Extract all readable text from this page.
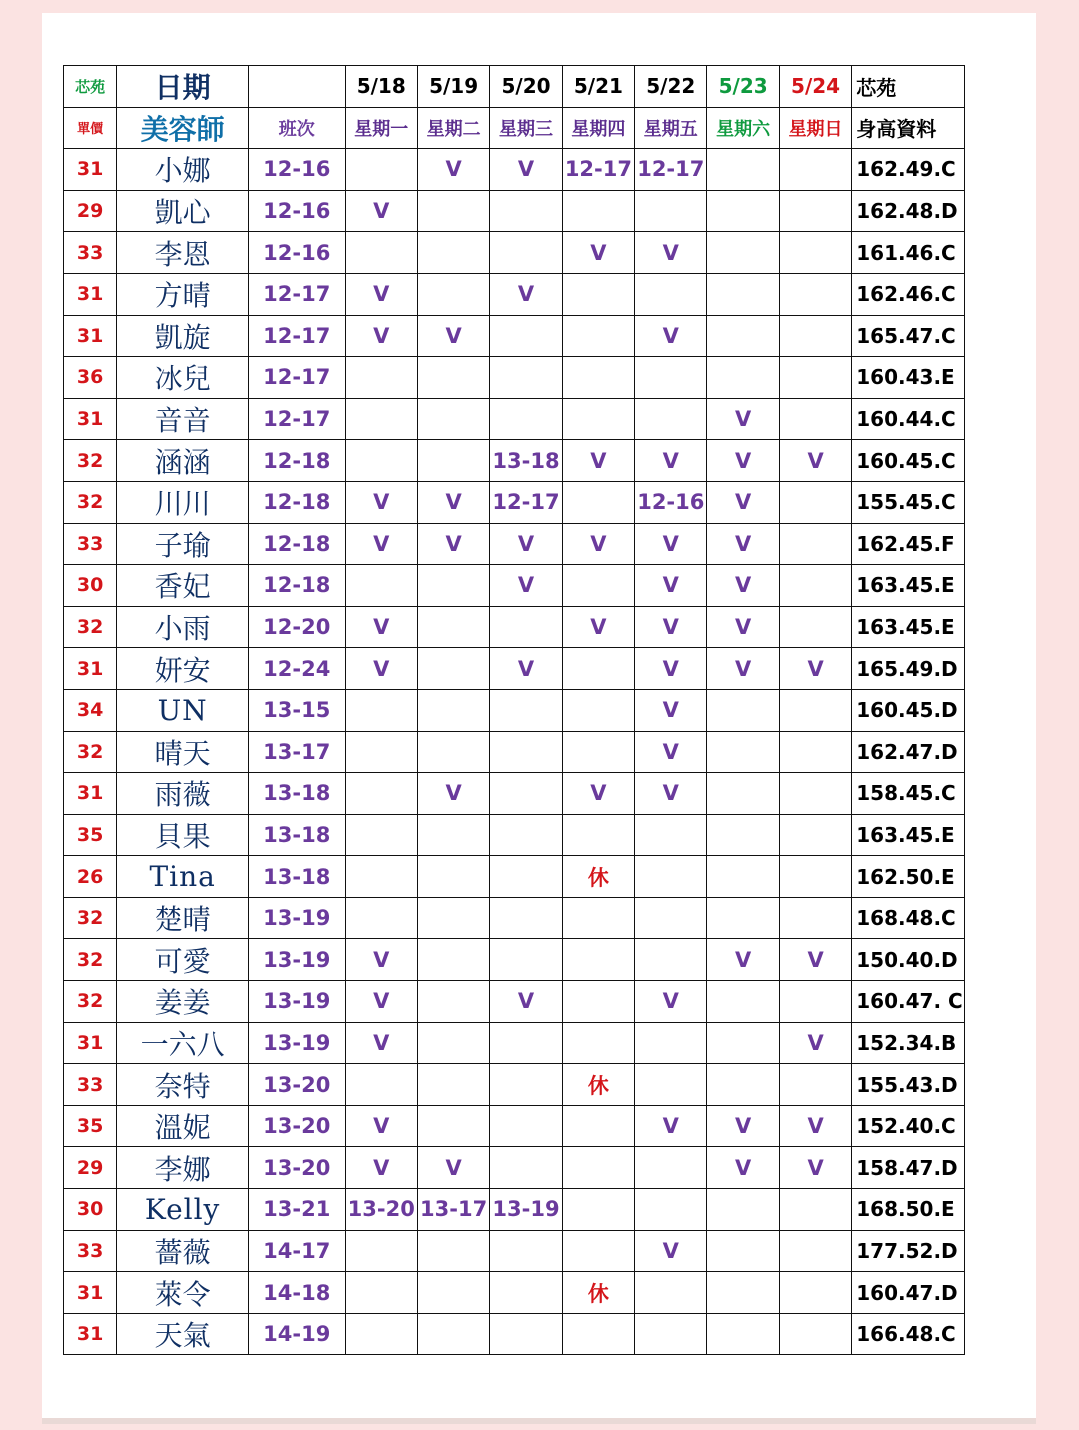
芯苑	日期		5/18	5/19	5/20	5/21	5/22	5/23	5/24	芯苑
單價	美容師	班次	星期一	星期二	星期三	星期四	星期五	星期六	星期日	身高資料
31	小娜	12-16		V	V	12-17	12-17			162.49.C
29	凱心	12-16	V							162.48.D
33	李恩	12-16				V	V			161.46.C
31	方晴	12-17	V		V					162.46.C
31	凱旋	12-17	V	V			V			165.47.C
36	冰兒	12-17								160.43.E
31	音音	12-17						V		160.44.C
32	涵涵	12-18			13-18	V	V	V	V	160.45.C
32	川川	12-18	V	V	12-17		12-16	V		155.45.C
33	子瑜	12-18	V	V	V	V	V	V		162.45.F
30	香妃	12-18			V		V	V		163.45.E
32	小雨	12-20	V			V	V	V		163.45.E
31	妍安	12-24	V		V		V	V	V	165.49.D
34	UN	13-15					V			160.45.D
32	晴天	13-17					V			162.47.D
31	雨薇	13-18		V		V	V			158.45.C
35	貝果	13-18								163.45.E
26	Tina	13-18				休				162.50.E
32	楚晴	13-19								168.48.C
32	可愛	13-19	V					V	V	150.40.D
32	姜姜	13-19	V		V		V			160.47. C
31	一六八	13-19	V						V	152.34.B
33	奈特	13-20				休				155.43.D
35	溫妮	13-20	V				V	V	V	152.40.C
29	李娜	13-20	V	V				V	V	158.47.D
30	Kelly	13-21	13-20	13-17	13-19					168.50.E
33	薔薇	14-17					V			177.52.D
31	萊令	14-18				休				160.47.D
31	天氣	14-19								166.48.C
